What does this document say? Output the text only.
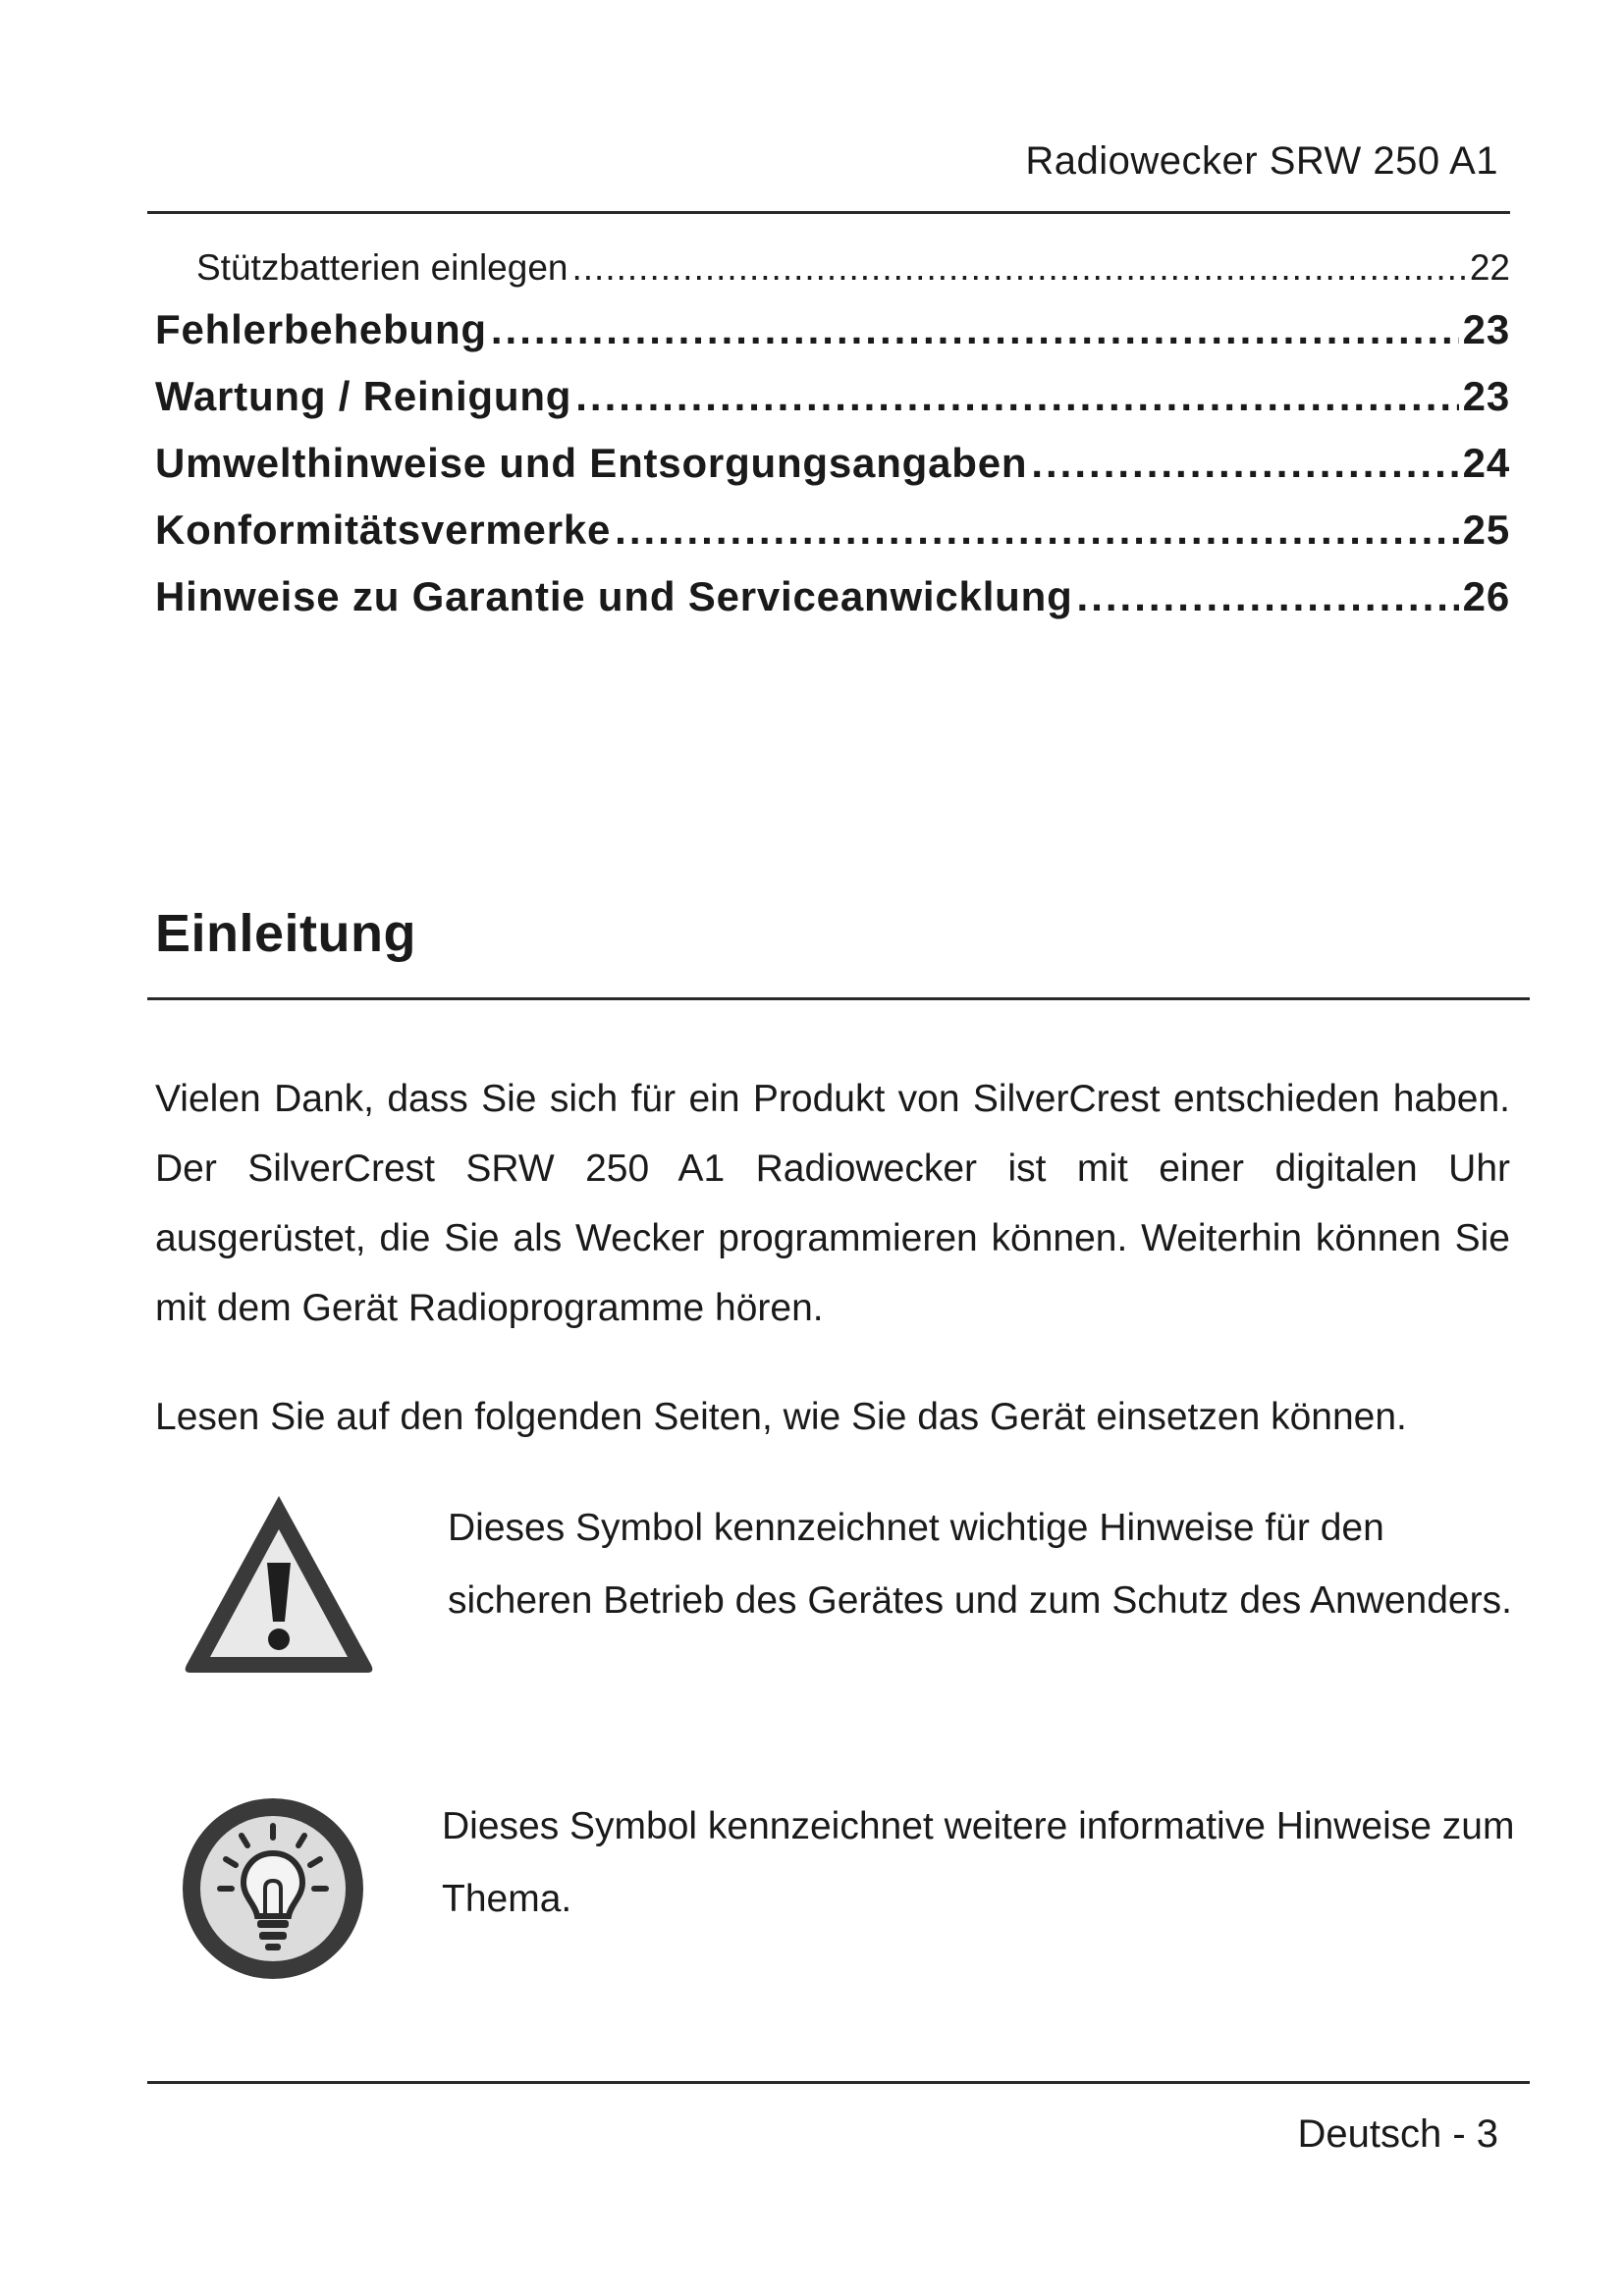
Radiowecker SRW 250 A1
Stützbatterien einlegen .....	22
Fehlerbehebung .....	23
Wartung / Reinigung .....	23
Umwelthinweise und Entsorgungsangaben .....	24
Konformitätsvermerke .....	25
Hinweise zu Garantie und Serviceanwicklung .....	26
Einleitung

Vielen Dank, dass Sie sich für ein Produkt von SilverCrest entschieden haben. Der SilverCrest SRW 250 A1 Radiowecker ist mit einer digitalen Uhr ausgerüstet, die Sie als Wecker programmieren können. Weiterhin können Sie mit dem Gerät Radioprogramme hören.

Lesen Sie auf den folgenden Seiten, wie Sie das Gerät einsetzen können.

Dieses Symbol kennzeichnet wichtige Hinweise für den sicheren Betrieb des Gerätes und zum Schutz des Anwenders.

Dieses Symbol kennzeichnet weitere informative Hinweise zum Thema.

Deutsch - 3
